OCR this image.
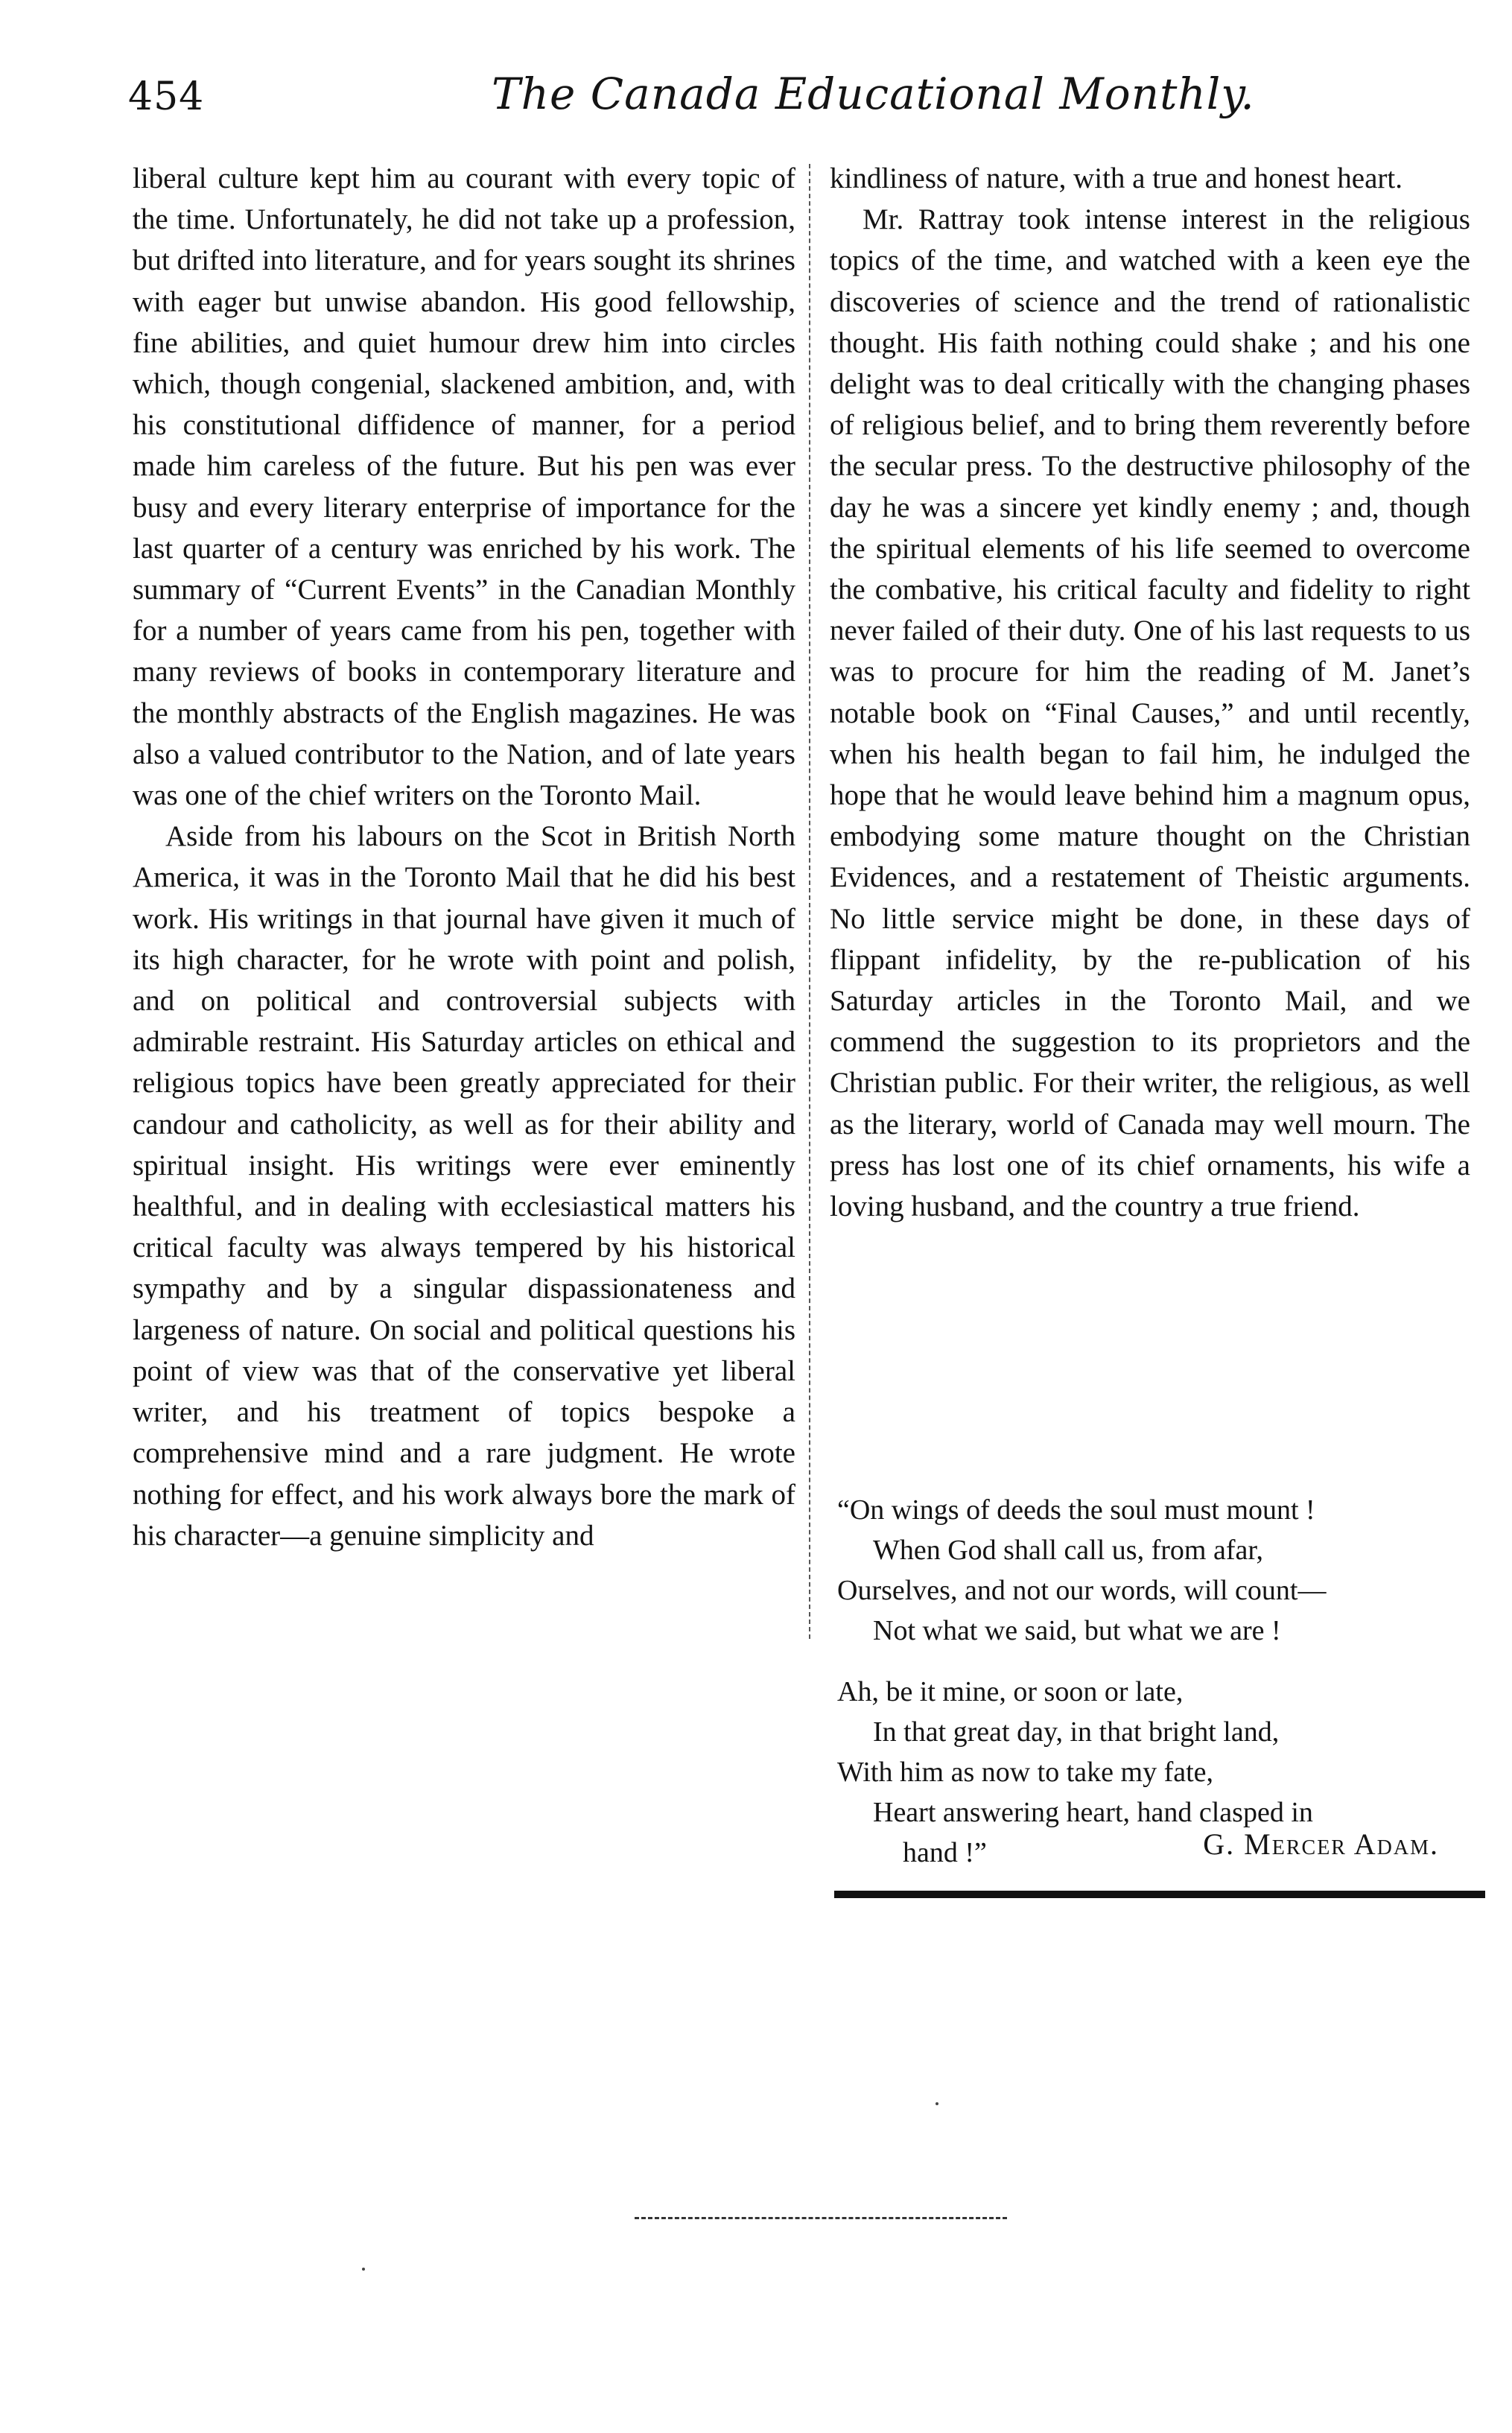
454	The Canada Educational Monthly.

liberal culture kept him au courant with every topic of the time. Unfortunately, he did not take up a profession, but drifted into literature, and for years sought its shrines with eager but unwise abandon. His good fellowship, fine abilities, and quiet humour drew him into circles which, though congenial, slackened ambition, and, with his constitutional diffidence of manner, for a period made him careless of the future. But his pen was ever busy and every literary enterprise of importance for the last quarter of a century was enriched by his work. The summary of “Current Events” in the Canadian Monthly for a number of years came from his pen, together with many reviews of books in contemporary literature and the monthly abstracts of the English magazines. He was also a valued contributor to the Nation, and of late years was one of the chief writers on the Toronto Mail.

Aside from his labours on the Scot in British North America, it was in the Toronto Mail that he did his best work. His writings in that journal have given it much of its high character, for he wrote with point and polish, and on political and controversial subjects with admirable restraint. His Saturday articles on ethical and religious topics have been greatly appreciated for their candour and catholicity, as well as for their ability and spiritual insight. His writings were ever eminently healthful, and in dealing with ecclesiastical matters his critical faculty was always tempered by his historical sympathy and by a singular dispassionateness and largeness of nature. On social and political questions his point of view was that of the conservative yet liberal writer, and his treatment of topics bespoke a comprehensive mind and a rare judgment. He wrote nothing for effect, and his work always bore the mark of his character—a genuine simplicity and

kindliness of nature, with a true and honest heart.

Mr. Rattray took intense interest in the religious topics of the time, and watched with a keen eye the discoveries of science and the trend of rationalistic thought. His faith nothing could shake ; and his one delight was to deal critically with the changing phases of religious belief, and to bring them reverently before the secular press. To the destructive philosophy of the day he was a sincere yet kindly enemy ; and, though the spiritual elements of his life seemed to overcome the combative, his critical faculty and fidelity to right never failed of their duty. One of his last requests to us was to procure for him the reading of M. Janet’s notable book on “Final Causes,” and until recently, when his health began to fail him, he indulged the hope that he would leave behind him a magnum opus, embodying some mature thought on the Christian Evidences, and a restatement of Theistic arguments. No little service might be done, in these days of flippant infidelity, by the re-publication of his Saturday articles in the Toronto Mail, and we commend the suggestion to its proprietors and the Christian public. For their writer, the religious, as well as the literary, world of Canada may well mourn. The press has lost one of its chief ornaments, his wife a loving husband, and the country a true friend.

“On wings of deeds the soul must mount !
When God shall call us, from afar,
Ourselves, and not our words, will count—
Not what we said, but what we are !
Ah, be it mine, or soon or late,
In that great day, in that bright land,
With him as now to take my fate,
Heart answering heart, hand clasped in
hand !”	G. Mercer Adam.
